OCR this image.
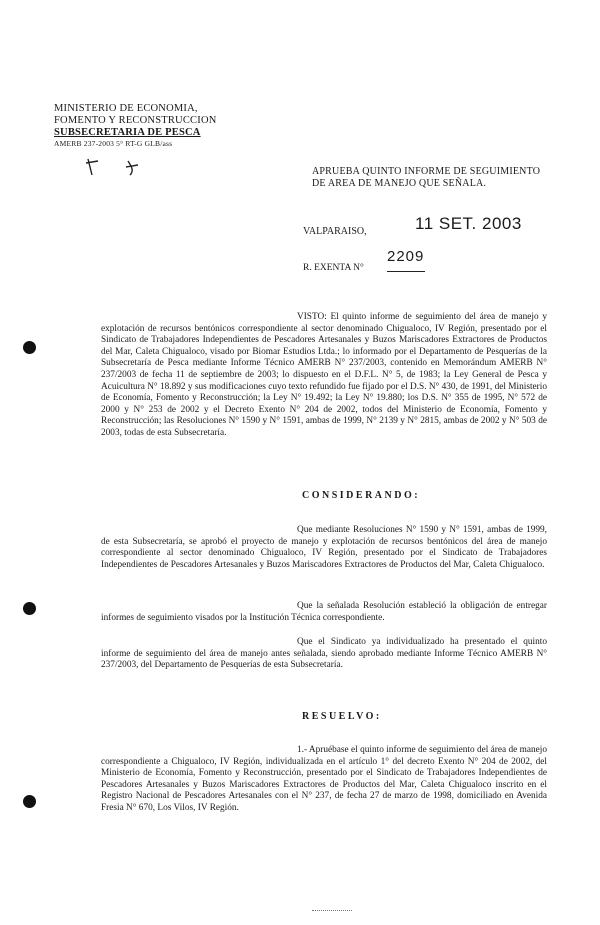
MINISTERIO DE ECONOMIA,
FOMENTO Y RECONSTRUCCION
SUBSECRETARIA DE PESCA
AMERB 237-2003 5° RT-G GLB/ass
APRUEBA QUINTO INFORME DE SEGUIMIENTO
DE AREA DE MANEJO QUE SEÑALA.
VALPARAISO,	11 SET. 2003
R. EXENTA N°
2209
VISTO: El quinto informe de seguimiento del área de manejo y explotación de recursos bentónicos correspondiente al sector denominado Chigualoco, IV Región, presentado por el Sindicato de Trabajadores Independientes de Pescadores Artesanales y Buzos Mariscadores Extractores de Productos del Mar, Caleta Chigualoco, visado por Biomar Estudios Ltda.; lo informado por el Departamento de Pesquerías de la Subsecretaría de Pesca mediante Informe Técnico AMERB N° 237/2003, contenido en Memorándum AMERB N° 237/2003 de fecha 11 de septiembre de 2003; lo dispuesto en el D.F.L. N° 5, de 1983; la Ley General de Pesca y Acuicultura N° 18.892 y sus modificaciones cuyo texto refundido fue fijado por el D.S. N° 430, de 1991, del Ministerio de Economía, Fomento y Reconstrucción; la Ley N° 19.492; la Ley N° 19.880; los D.S. N° 355 de 1995, N° 572 de 2000 y N° 253 de 2002 y el Decreto Exento N° 204 de 2002, todos del Ministerio de Economía, Fomento y Reconstrucción; las Resoluciones N° 1590 y N° 1591, ambas de 1999, N° 2139 y N° 2815, ambas de 2002 y N° 503 de 2003, todas de esta Subsecretaría.
CONSIDERANDO:
Que mediante Resoluciones N° 1590 y N° 1591, ambas de 1999, de esta Subsecretaría, se aprobó el proyecto de manejo y explotación de recursos bentónicos del área de manejo correspondiente al sector denominado Chigualoco, IV Región, presentado por el Sindicato de Trabajadores Independientes de Pescadores Artesanales y Buzos Mariscadores Extractores de Productos del Mar, Caleta Chigualoco.
Que la señalada Resolución estableció la obligación de entregar informes de seguimiento visados por la Institución Técnica correspondiente.
Que el Sindicato ya individualizado ha presentado el quinto informe de seguimiento del área de manejo antes señalada, siendo aprobado mediante Informe Técnico AMERB N° 237/2003, del Departamento de Pesquerías de esta Subsecretaría.
RESUELVO:
1.- Apruébase el quinto informe de seguimiento del área de manejo correspondiente a Chigualoco, IV Región, individualizada en el artículo 1° del decreto Exento N° 204 de 2002, del Ministerio de Economía, Fomento y Reconstrucción, presentado por el Sindicato de Trabajadores Independientes de Pescadores Artesanales y Buzos Mariscadores Extractores de Productos del Mar, Caleta Chigualoco inscrito en el Registro Nacional de Pescadores Artesanales con el N° 237, de fecha 27 de marzo de 1998, domiciliado en Avenida Fresia N° 670, Los Vilos, IV Región.
